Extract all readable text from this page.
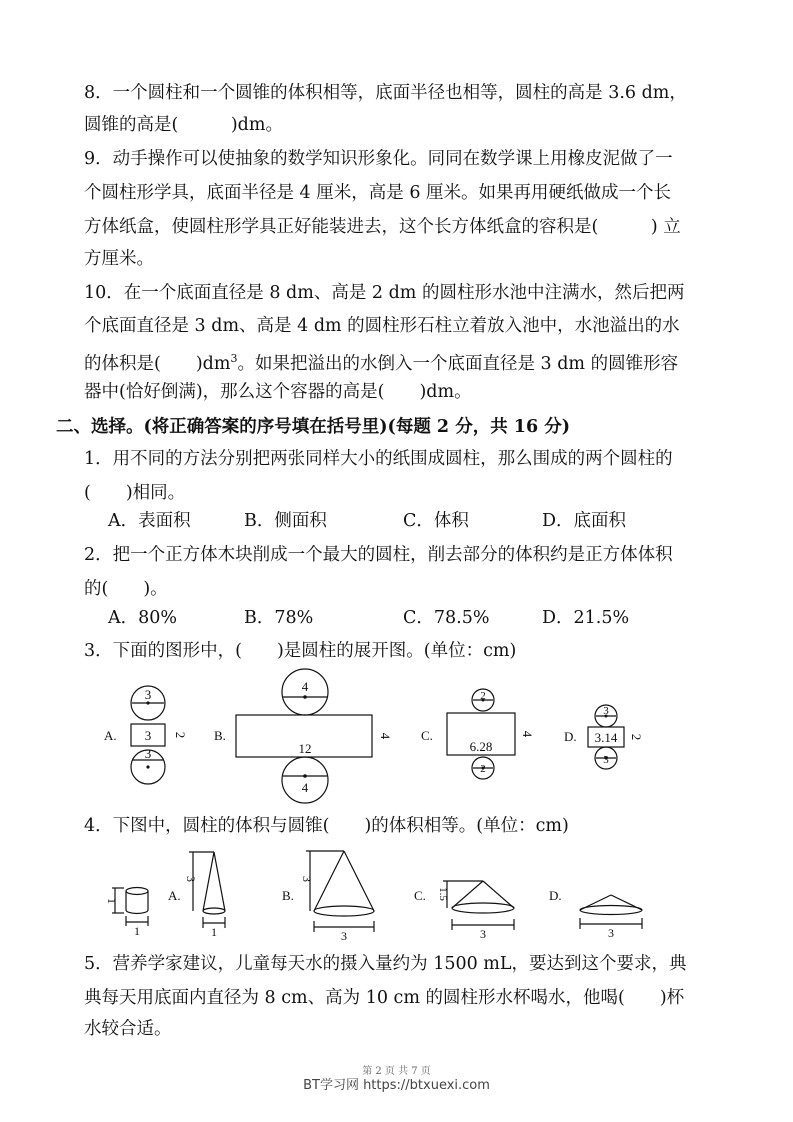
8．一个圆柱和一个圆锥的体积相等，底面半径也相等，圆柱的高是 3.6 dm，
圆锥的高是(　　　)dm。
9．动手操作可以使抽象的数学知识形象化。同同在数学课上用橡皮泥做了一
个圆柱形学具，底面半径是 4 厘米，高是 6 厘米。如果再用硬纸做成一个长
方体纸盒，使圆柱形学具正好能装进去，这个长方体纸盒的容积是(　　　) 立
方厘米。
10．在一个底面直径是 8 dm、高是 2 dm 的圆柱形水池中注满水，然后把两
个底面直径是 3 dm、高是 4 dm 的圆柱形石柱立着放入池中，水池溢出的水
的体积是(　　)$dm^3$。如果把溢出的水倒入一个底面直径是 3 dm 的圆锥形容
器中(恰好倒满)，那么这个容器的高是(　　)dm。
二、选择。(将正确答案的序号填在括号里)(每题 2 分，共 16 分)
1．用不同的方法分别把两张同样大小的纸围成圆柱，那么围成的两个圆柱的
(　　)相同。
A．表面积	B．侧面积	C．体积	D．底面积
2．把一个正方体木块削成一个最大的圆柱，削去部分的体积约是正方体体积
的(　　)。
A．80%	B．78%	C．78.5%	D．21.5%
3．下面的图形中，(　　)是圆柱的展开图。(单位：cm)
4．下图中，圆柱的体积与圆锥(　　)的体积相等。(单位：cm)
5．营养学家建议，儿童每天水的摄入量约为 1500 mL，要达到这个要求，典
典每天用底面内直径为 8 cm、高为 10 cm 的圆柱形水杯喝水，他喝(　　)杯
水较合适。
A.
3
3
3
2 B.
4
12
4
4 C.
2
6.28
2
4 D.
3
3.14
3
2
1
1
A.
3
1
B.
3
3
C. 1.5
3
D.
3
第 2 页 共 7 页
BT学习网 https://btxuexi.com
